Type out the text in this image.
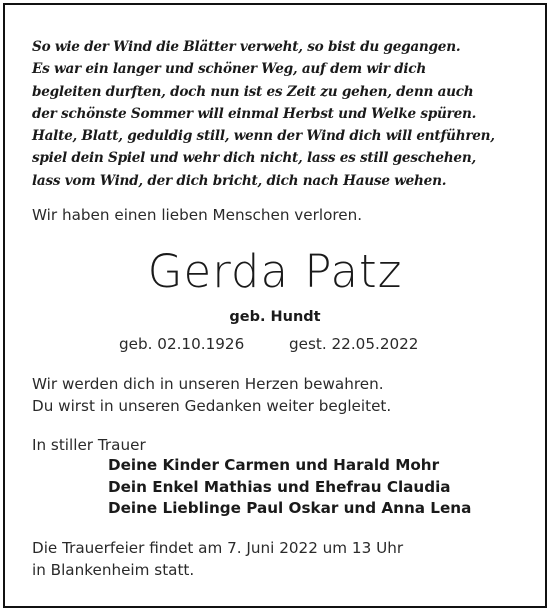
So wie der Wind die Blätter verweht, so bist du gegangen.
Es war ein langer und schöner Weg, auf dem wir dich
begleiten durften, doch nun ist es Zeit zu gehen, denn auch
der schönste Sommer will einmal Herbst und Welke spüren.
Halte, Blatt, geduldig still, wenn der Wind dich will entführen,
spiel dein Spiel und wehr dich nicht, lass es still geschehen,
lass vom Wind, der dich bricht, dich nach Hause wehen.
Wir haben einen lieben Menschen verloren.
Gerda Patz
geb. Hundt
geb. 02.10.1926	gest. 22.05.2022
Wir werden dich in unseren Herzen bewahren.
Du wirst in unseren Gedanken weiter begleitet.
In stiller Trauer
Deine Kinder Carmen und Harald Mohr
Dein Enkel Mathias und Ehefrau Claudia
Deine Lieblinge Paul Oskar und Anna Lena
Die Trauerfeier findet am 7. Juni 2022 um 13 Uhr
in Blankenheim statt.
